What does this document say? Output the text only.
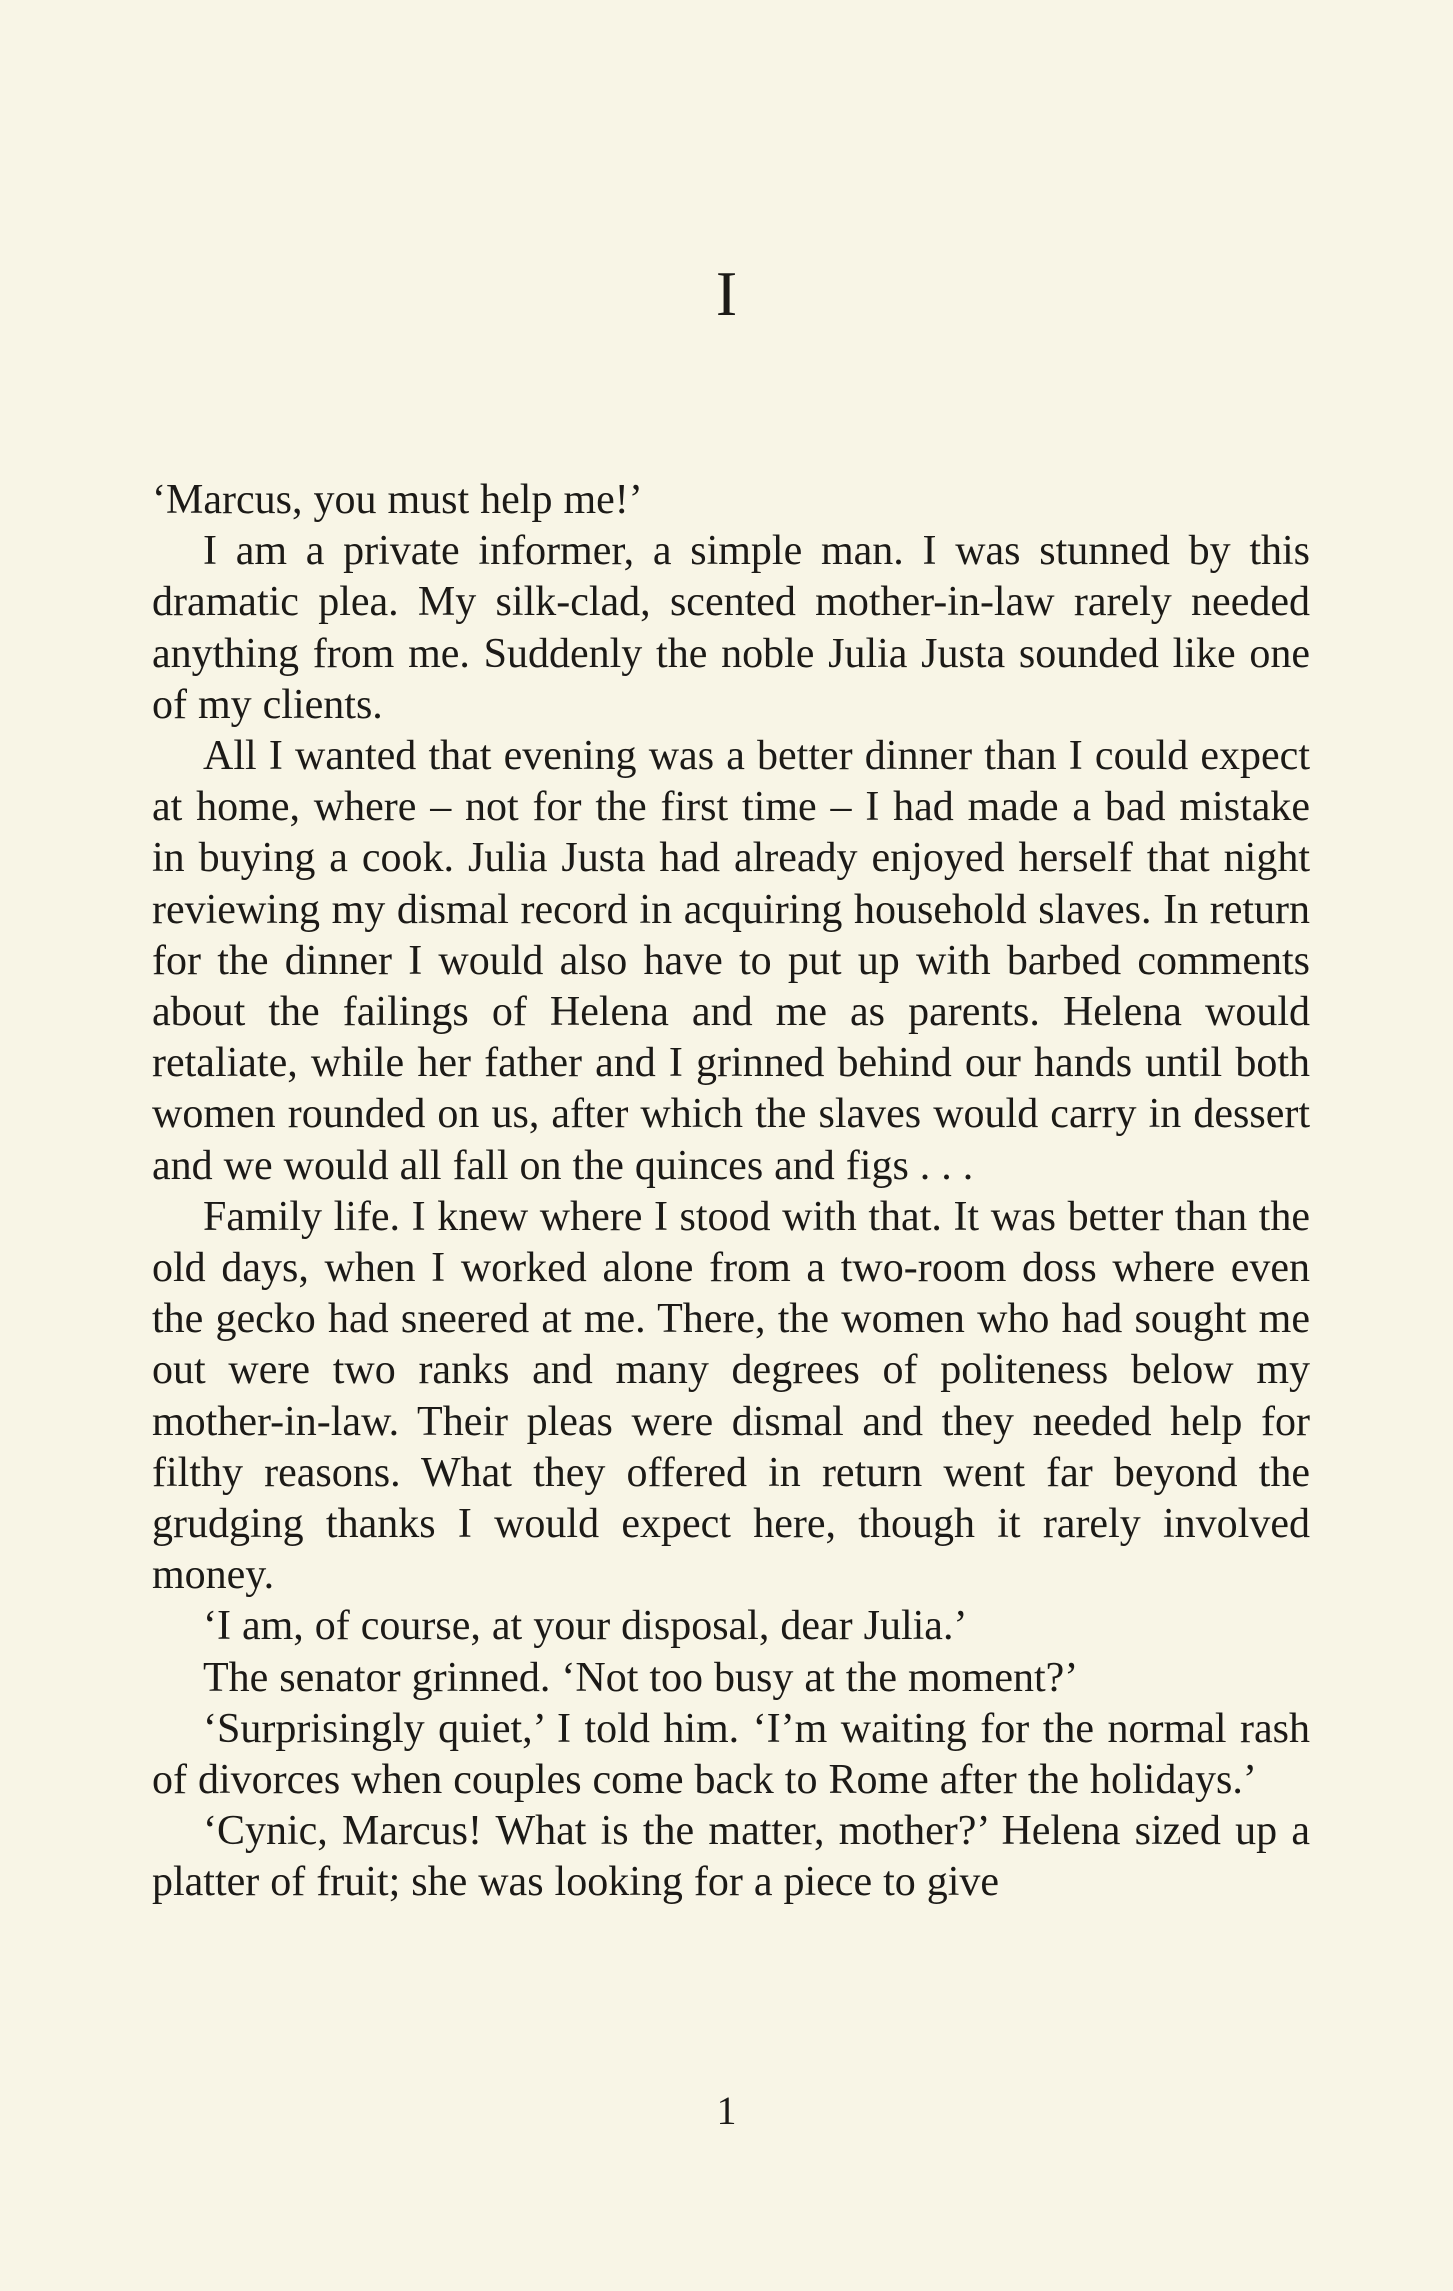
I

‘Marcus, you must help me!’

I am a private informer, a simple man. I was stunned by this dramatic plea. My silk-clad, scented mother-in-law rarely needed anything from me. Suddenly the noble Julia Justa sounded like one of my clients.

All I wanted that evening was a better dinner than I could expect at home, where – not for the first time – I had made a bad mistake in buying a cook. Julia Justa had already enjoyed herself that night reviewing my dismal record in acquiring household slaves. In return for the dinner I would also have to put up with barbed comments about the failings of Helena and me as parents. Helena would retaliate, while her father and I grinned behind our hands until both women rounded on us, after which the slaves would carry in dessert and we would all fall on the quinces and figs . . .

Family life. I knew where I stood with that. It was better than the old days, when I worked alone from a two-room doss where even the gecko had sneered at me. There, the women who had sought me out were two ranks and many degrees of politeness below my mother-in-law. Their pleas were dismal and they needed help for filthy reasons. What they offered in return went far beyond the grudging thanks I would expect here, though it rarely involved money.

‘I am, of course, at your disposal, dear Julia.’

The senator grinned. ‘Not too busy at the moment?’

‘Surprisingly quiet,’ I told him. ‘I’m waiting for the normal rash of divorces when couples come back to Rome after the holidays.’

‘Cynic, Marcus! What is the matter, mother?’ Helena sized up a platter of fruit; she was looking for a piece to give

1
